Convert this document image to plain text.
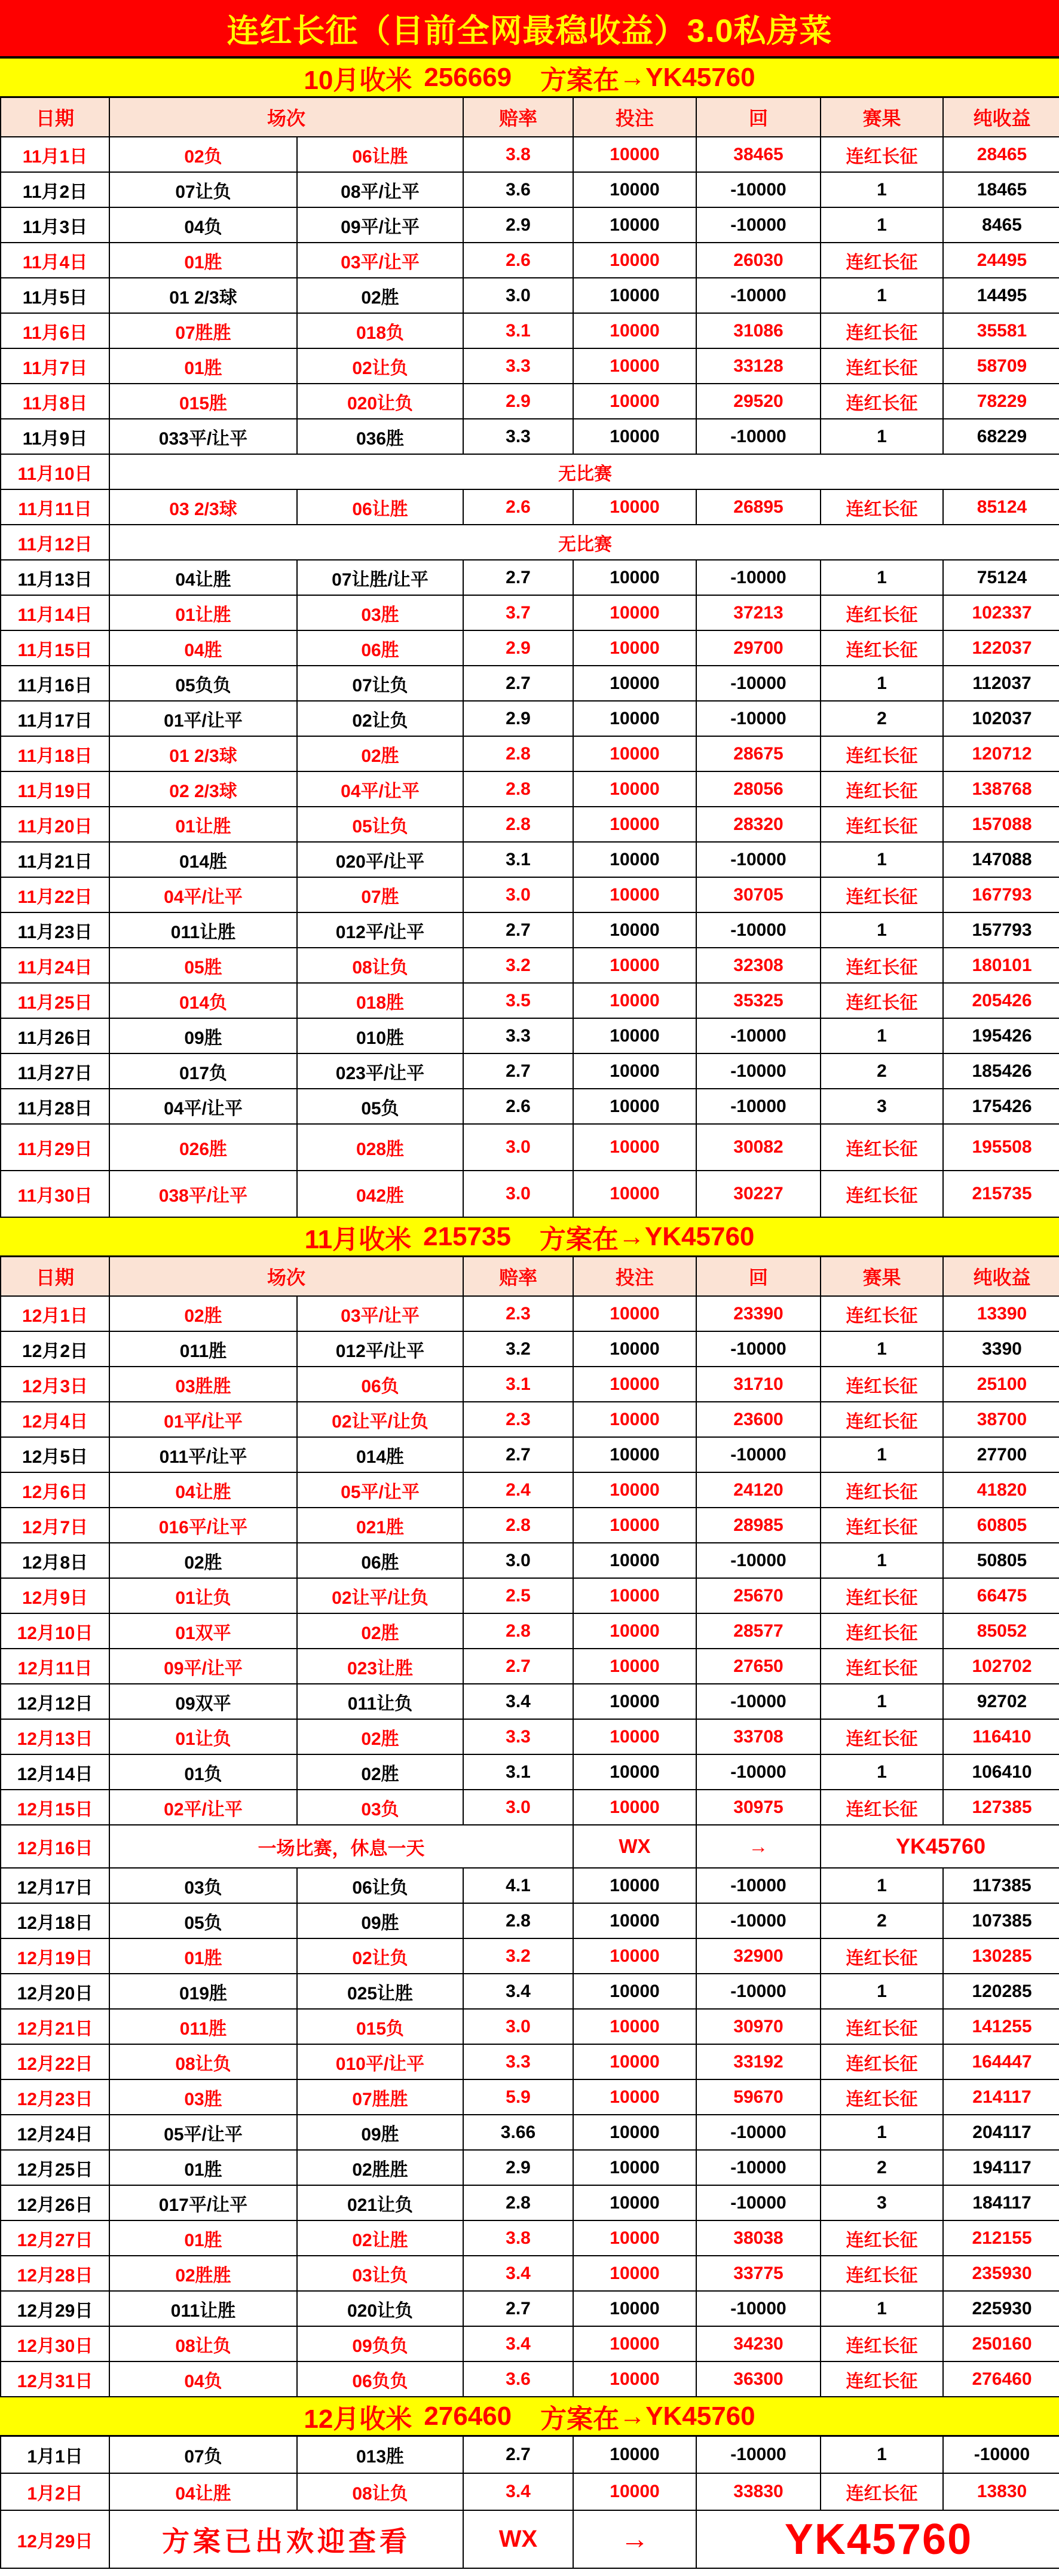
连红长征（目前全网最稳收益）3.0私房菜
10月收米 256669 方案在 → YK45760
日期	场次	赔率	投注	回	赛果	纯收益
11月1日	02负	06让胜	3.8	10000	38465	连红长征	28465
11月2日	07让负	08平/让平	3.6	10000	-10000	1	18465
11月3日	04负	09平/让平	2.9	10000	-10000	1	8465
11月4日	01胜	03平/让平	2.6	10000	26030	连红长征	24495
11月5日	01 2/3球	02胜	3.0	10000	-10000	1	14495
11月6日	07胜胜	018负	3.1	10000	31086	连红长征	35581
11月7日	01胜	02让负	3.3	10000	33128	连红长征	58709
11月8日	015胜	020让负	2.9	10000	29520	连红长征	78229
11月9日	033平/让平	036胜	3.3	10000	-10000	1	68229
11月10日	无比赛
11月11日	03 2/3球	06让胜	2.6	10000	26895	连红长征	85124
11月12日	无比赛
11月13日	04让胜	07让胜/让平	2.7	10000	-10000	1	75124
11月14日	01让胜	03胜	3.7	10000	37213	连红长征	102337
11月15日	04胜	06胜	2.9	10000	29700	连红长征	122037
11月16日	05负负	07让负	2.7	10000	-10000	1	112037
11月17日	01平/让平	02让负	2.9	10000	-10000	2	102037
11月18日	01 2/3球	02胜	2.8	10000	28675	连红长征	120712
11月19日	02 2/3球	04平/让平	2.8	10000	28056	连红长征	138768
11月20日	01让胜	05让负	2.8	10000	28320	连红长征	157088
11月21日	014胜	020平/让平	3.1	10000	-10000	1	147088
11月22日	04平/让平	07胜	3.0	10000	30705	连红长征	167793
11月23日	011让胜	012平/让平	2.7	10000	-10000	1	157793
11月24日	05胜	08让负	3.2	10000	32308	连红长征	180101
11月25日	014负	018胜	3.5	10000	35325	连红长征	205426
11月26日	09胜	010胜	3.3	10000	-10000	1	195426
11月27日	017负	023平/让平	2.7	10000	-10000	2	185426
11月28日	04平/让平	05负	2.6	10000	-10000	3	175426
11月29日	026胜	028胜	3.0	10000	30082	连红长征	195508
11月30日	038平/让平	042胜	3.0	10000	30227	连红长征	215735
11月收米 215735 方案在 → YK45760
日期	场次	赔率	投注	回	赛果	纯收益
12月1日	02胜	03平/让平	2.3	10000	23390	连红长征	13390
12月2日	011胜	012平/让平	3.2	10000	-10000	1	3390
12月3日	03胜胜	06负	3.1	10000	31710	连红长征	25100
12月4日	01平/让平	02让平/让负	2.3	10000	23600	连红长征	38700
12月5日	011平/让平	014胜	2.7	10000	-10000	1	27700
12月6日	04让胜	05平/让平	2.4	10000	24120	连红长征	41820
12月7日	016平/让平	021胜	2.8	10000	28985	连红长征	60805
12月8日	02胜	06胜	3.0	10000	-10000	1	50805
12月9日	01让负	02让平/让负	2.5	10000	25670	连红长征	66475
12月10日	01双平	02胜	2.8	10000	28577	连红长征	85052
12月11日	09平/让平	023让胜	2.7	10000	27650	连红长征	102702
12月12日	09双平	011让负	3.4	10000	-10000	1	92702
12月13日	01让负	02胜	3.3	10000	33708	连红长征	116410
12月14日	01负	02胜	3.1	10000	-10000	1	106410
12月15日	02平/让平	03负	3.0	10000	30975	连红长征	127385
12月16日	一场比赛，休息一天	WX	→	YK45760
12月17日	03负	06让负	4.1	10000	-10000	1	117385
12月18日	05负	09胜	2.8	10000	-10000	2	107385
12月19日	01胜	02让负	3.2	10000	32900	连红长征	130285
12月20日	019胜	025让胜	3.4	10000	-10000	1	120285
12月21日	011胜	015负	3.0	10000	30970	连红长征	141255
12月22日	08让负	010平/让平	3.3	10000	33192	连红长征	164447
12月23日	03胜	07胜胜	5.9	10000	59670	连红长征	214117
12月24日	05平/让平	09胜	3.66	10000	-10000	1	204117
12月25日	01胜	02胜胜	2.9	10000	-10000	2	194117
12月26日	017平/让平	021让负	2.8	10000	-10000	3	184117
12月27日	01胜	02让胜	3.8	10000	38038	连红长征	212155
12月28日	02胜胜	03让负	3.4	10000	33775	连红长征	235930
12月29日	011让胜	020让负	2.7	10000	-10000	1	225930
12月30日	08让负	09负负	3.4	10000	34230	连红长征	250160
12月31日	04负	06负负	3.6	10000	36300	连红长征	276460
12月收米 276460 方案在 → YK45760
1月1日	07负	013胜	2.7	10000	-10000	1	-10000
1月2日	04让胜	08让负	3.4	10000	33830	连红长征	13830
12月29日	方案已出欢迎查看	WX	→	YK45760
